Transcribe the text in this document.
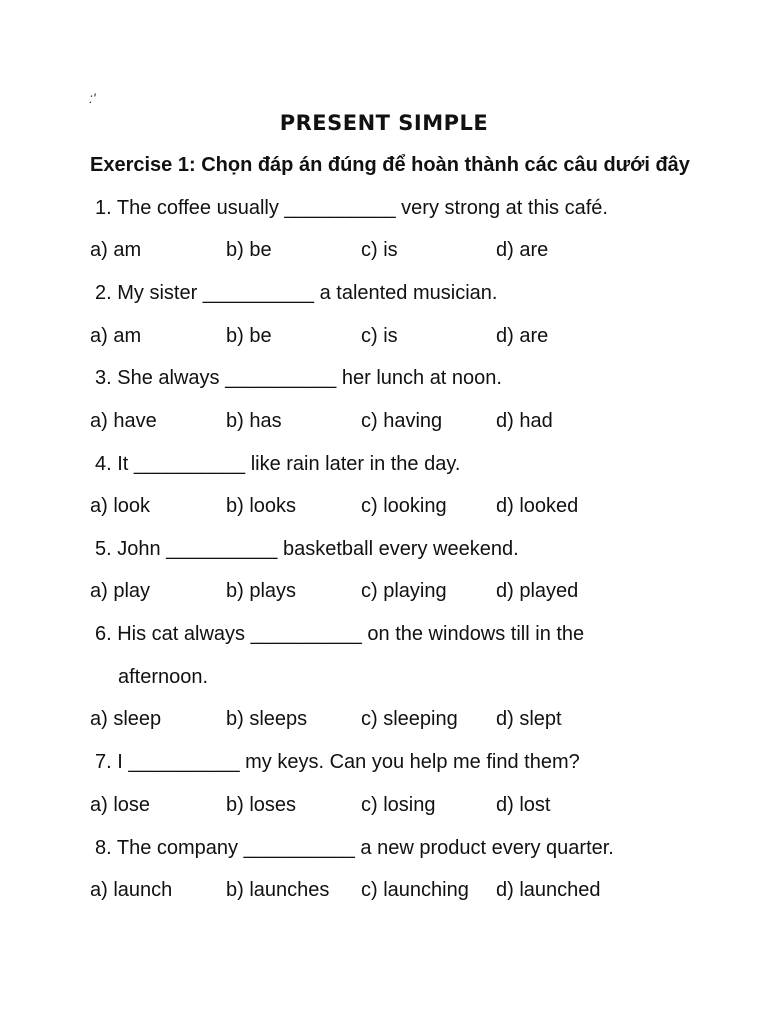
:'
PRESENT SIMPLE
Exercise 1: Chọn đáp án đúng để hoàn thành các câu dưới đây
1. The coffee usually __________ very strong at this café.
a) am	b) be	c) is	d) are
2. My sister __________ a talented musician.
a) am	b) be	c) is	d) are
3. She always __________ her lunch at noon.
a) have	b) has	c) having	d) had
4. It __________ like rain later in the day.
a) look	b) looks	c) looking d) looked
5. John __________ basketball every weekend.
a) play	b) plays	c) playing d) played
6. His cat always __________ on the windows till in the
afternoon.
a) sleep	b) sleeps	c) sleeping d) slept
7. I __________ my keys. Can you help me find them?
a) lose	b) loses	c) losing	d) lost
8. The company __________ a new product every quarter.
a) launch	b) launches c) launching d) launched
